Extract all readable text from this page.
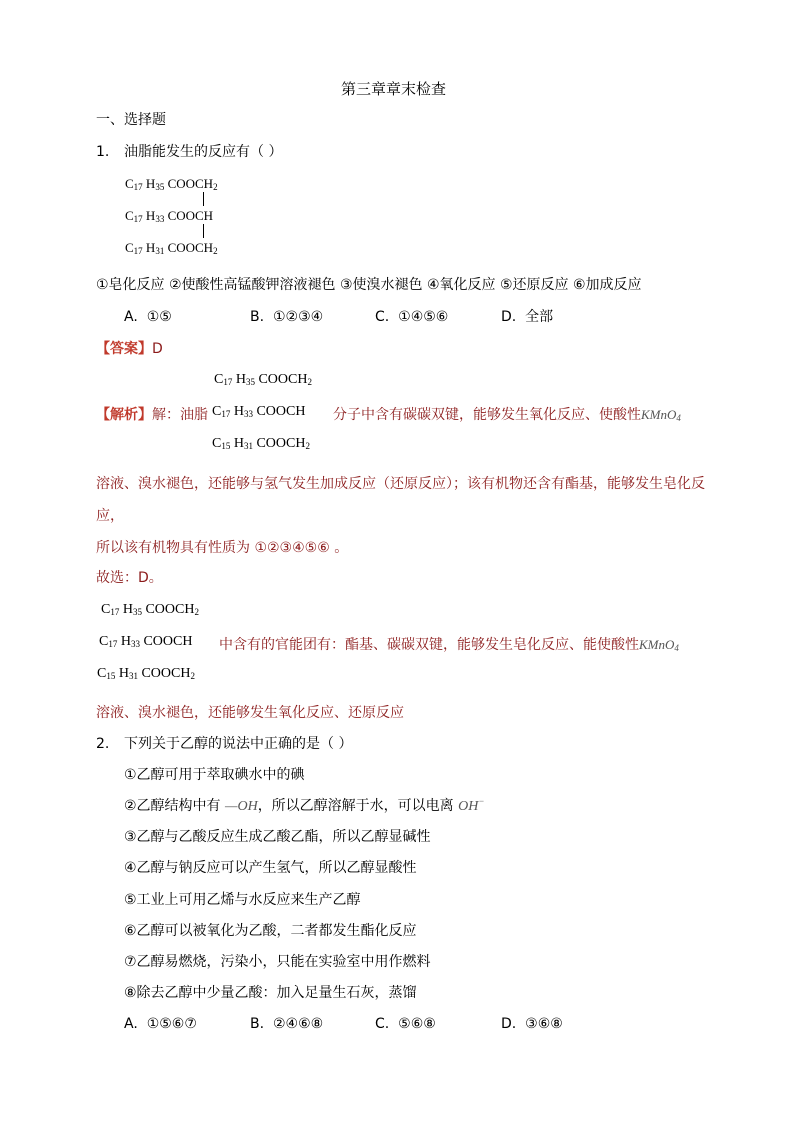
第三章章末检查
一、选择题
1. 油脂能发生的反应有（ ）
$C_{17}$ $H_{35}$ $COOCH_2$
$C_{17}$ $H_{33}$ COOCH
$C_{17}$ $H_{31}$ $COOCH_2$
①皂化反应 ②使酸性高锰酸钾溶液褪色 ③使溴水褪色 ④氧化反应 ⑤还原反应 ⑥加成反应
A. ①⑤	B. ①②③④	C. ①④⑤⑥	D. 全部
【答案】D
$C_{17}$ $H_{35}$ $COOCH_2$
$C_{17}$ $H_{33}$ COOCH
$C_{15}$ $H_{31}$ $COOCH_2$
【解析】解：油脂	分子中含有碳碳双键，能够发生氧化反应、使酸性KMnO$_4$
溶液、溴水褪色，还能够与氢气发生加成反应（还原反应）；该有机物还含有酯基，能够发生皂化反
应，
所以该有机物具有性质为 ①②③④⑤⑥ 。
故选：D。
$C_{17}$ $H_{35}$ $COOCH_2$
$C_{17}$ $H_{33}$ COOCH
$C_{15}$ $H_{31}$ $COOCH_2$
中含有的官能团有：酯基、碳碳双键，能够发生皂化反应、能使酸性KMnO$_4$
溶液、溴水褪色，还能够发生氧化反应、还原反应
2. 下列关于乙醇的说法中正确的是（ ）
①乙醇可用于萃取碘水中的碘
②乙醇结构中有 —OH，所以乙醇溶解于水，可以电离 OH−
③乙醇与乙酸反应生成乙酸乙酯，所以乙醇显碱性
④乙醇与钠反应可以产生氢气，所以乙醇显酸性
⑤工业上可用乙烯与水反应来生产乙醇
⑥乙醇可以被氧化为乙酸，二者都发生酯化反应
⑦乙醇易燃烧，污染小，只能在实验室中用作燃料
⑧除去乙醇中少量乙酸：加入足量生石灰，蒸馏
A. ①⑤⑥⑦	B. ②④⑥⑧	C. ⑤⑥⑧	D. ③⑥⑧
